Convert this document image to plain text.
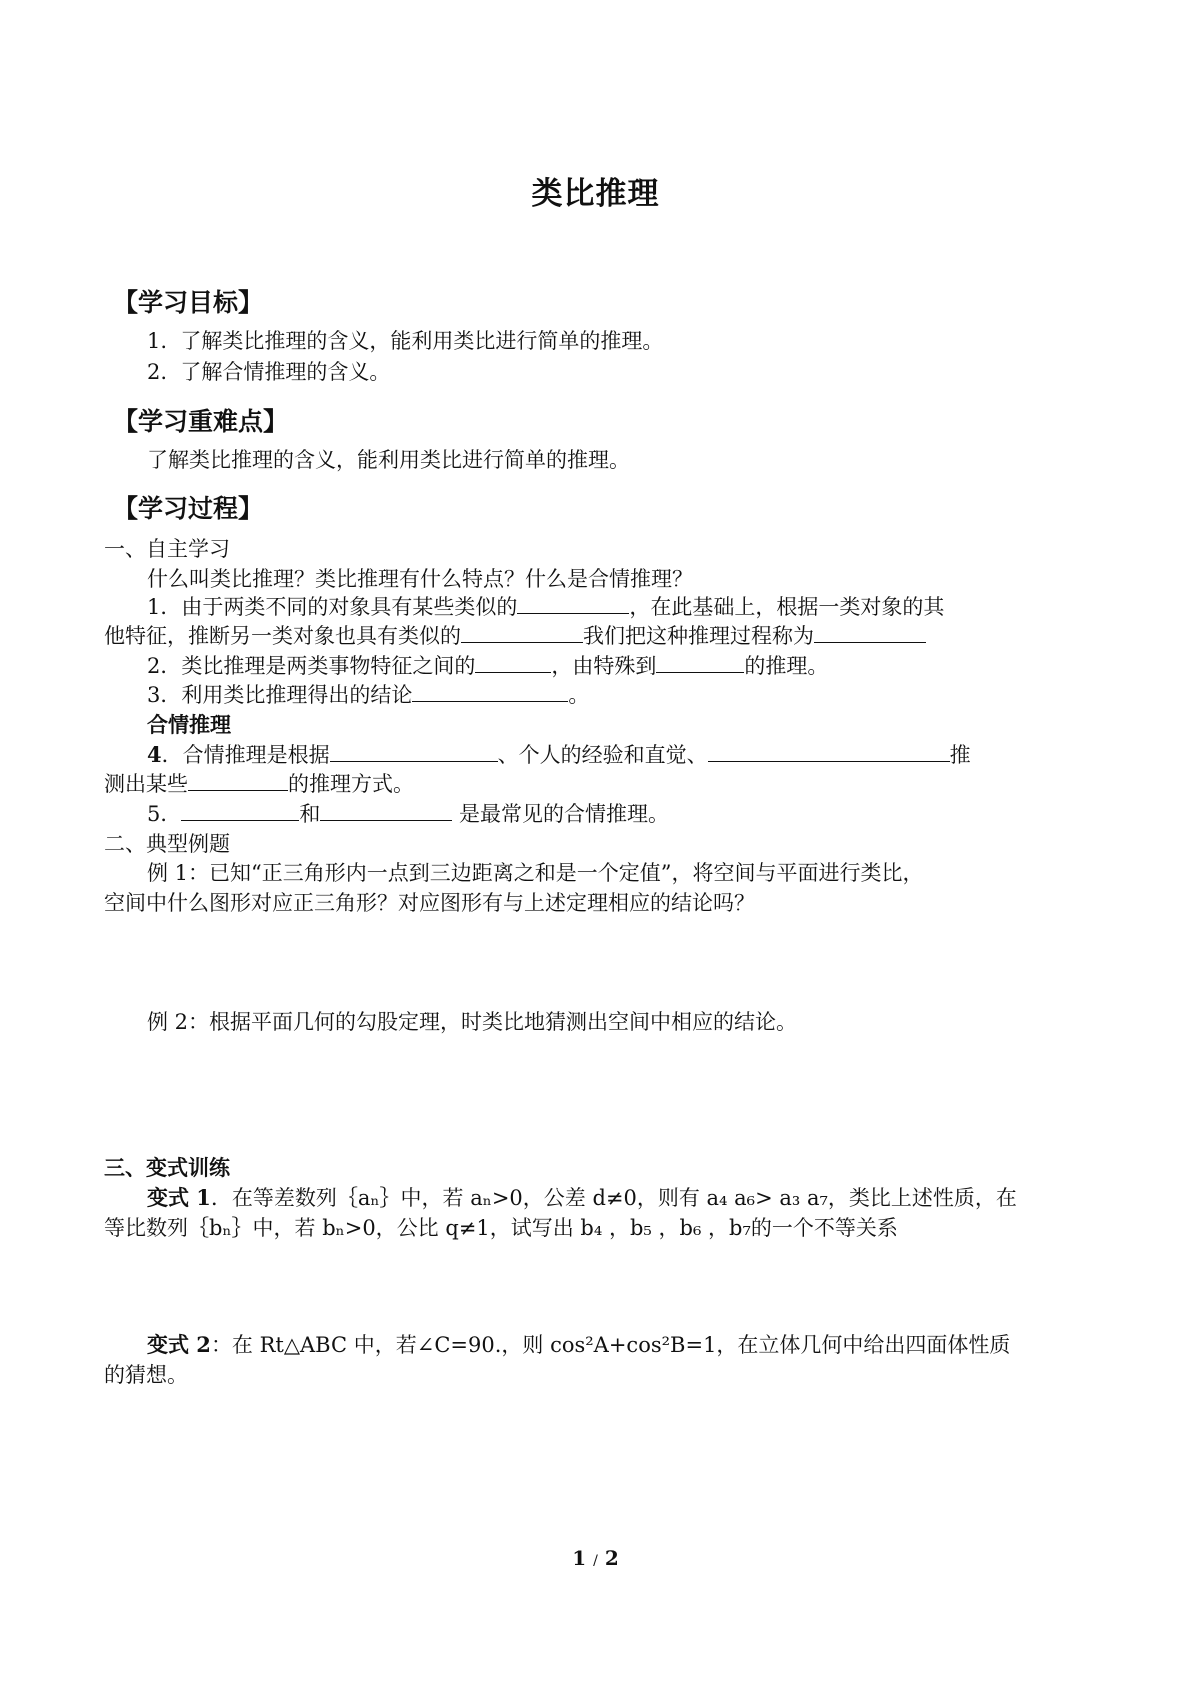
类比推理
【学习目标】
1. 了解类比推理的含义，能利用类比进行简单的推理。
2. 了解合情推理的含义。
【学习重难点】
了解类比推理的含义，能利用类比进行简单的推理。
【学习过程】
一、自主学习
什么叫类比推理？类比推理有什么特点？什么是合情推理？
1．由于两类不同的对象具有某些类似的	，在此基础上，根据一类对象的其
他特征，推断另一类对象也具有类似的	我们把这种推理过程称为
2．类比推理是两类事物特征之间的	，由特殊到	的推理。
3．利用类比推理得出的结论	。
合情推理
4．合情推理是根据	、个人的经验和直觉、	推
测出某些	的推理方式。
5．	和	是最常见的合情推理。
二、典型例题
例 1：已知“正三角形内一点到三边距离之和是一个定值”，将空间与平面进行类比，
空间中什么图形对应正三角形？对应图形有与上述定理相应的结论吗？
例 2：根据平面几何的勾股定理，时类比地猜测出空间中相应的结论。
三、变式训练
变式 1．在等差数列｛aₙ｝中，若 aₙ>0，公差 d≠0，则有 a₄ a₆> a₃ a₇，类比上述性质，在
等比数列｛bₙ｝中，若 bₙ>0，公比 q≠1，试写出 b₄ ，b₅ ，b₆ ，b₇的一个不等关系
变式 2：在 Rt△ABC 中，若∠C=90.，则 cos²A+cos²B=1，在立体几何中给出四面体性质
的猜想。
1 / 2
